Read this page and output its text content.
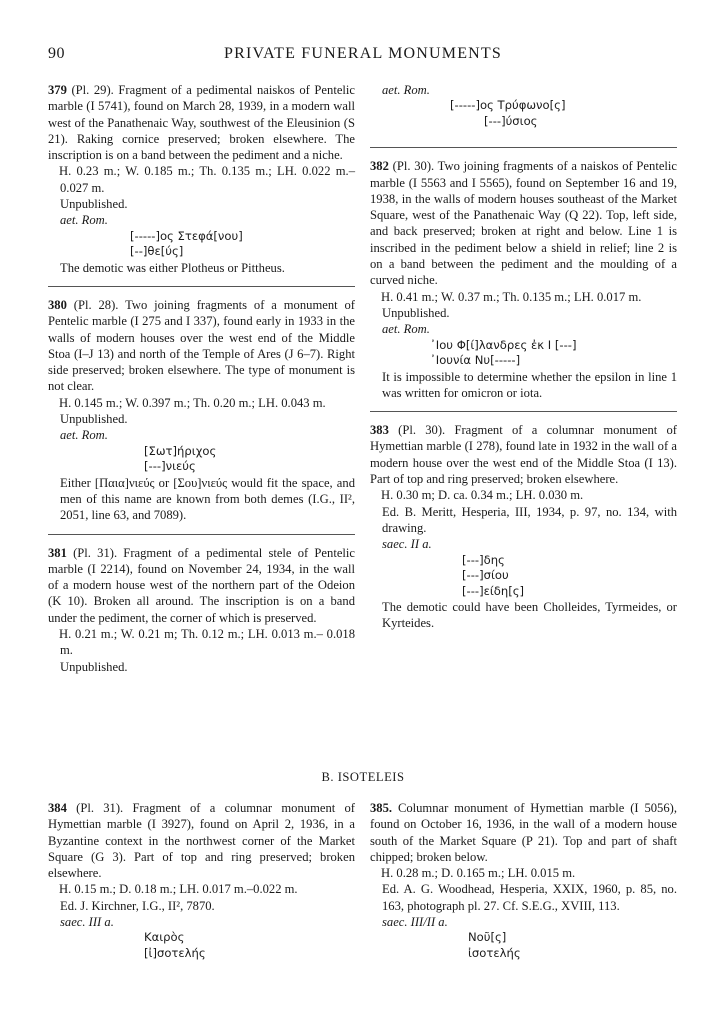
90	PRIVATE FUNERAL MONUMENTS

379 (Pl. 29). Fragment of a pedimental naiskos of Pentelic marble (I 5741), found on March 28, 1939, in a modern wall west of the Panathenaic Way, southwest of the Eleusinion (S 21). Raking cornice preserved; broken elsewhere. The inscription is on a band between the pediment and a niche.

H. 0.23 m.; W. 0.185 m.; Th. 0.135 m.; LH. 0.022 m.– 0.027 m.

Unpublished.

aet. Rom.

[-----]ος Στεφά[νου]

[--]θε[ύς]

The demotic was either Plotheus or Pittheus.

380 (Pl. 28). Two joining fragments of a monument of Pentelic marble (I 275 and I 337), found early in 1933 in the walls of modern houses over the west end of the Middle Stoa (I–J 13) and north of the Temple of Ares (J 6–7). Right side preserved; broken elsewhere. The type of monument is not clear.

H. 0.145 m.; W. 0.397 m.; Th. 0.20 m.; LH. 0.043 m.

Unpublished.

aet. Rom.

[Σωτ]ήριχος

[---]νιεύς

Either [Παια]νιεύς or [Σου]νιεύς would fit the space, and men of this name are known from both demes (I.G., II², 2051, line 63, and 7089).

381 (Pl. 31). Fragment of a pedimental stele of Pentelic marble (I 2214), found on November 24, 1934, in the wall of a modern house west of the northern part of the Odeion (K 10). Broken all around. The inscription is on a band under the pediment, the corner of which is preserved.

H. 0.21 m.; W. 0.21 m; Th. 0.12 m.; LH. 0.013 m.– 0.018 m.

Unpublished.

aet. Rom.

[-----]ος Τρύφωνο[ς]

[---]ύσιος

382 (Pl. 30). Two joining fragments of a naiskos of Pentelic marble (I 5563 and I 5565), found on September 16 and 19, 1938, in the walls of modern houses southeast of the Market Square, west of the Panathenaic Way (Q 22). Top, left side, and back preserved; broken at right and below. Line 1 is inscribed in the pediment below a shield in relief; line 2 is on a band between the pediment and the moulding of a curved niche.

H. 0.41 m.; W. 0.37 m.; Th. 0.135 m.; LH. 0.017 m.

Unpublished.

aet. Rom.

᾿Ιου Φ[ί]λανδρες ἐκ Ι [---]

᾿Ιουνία Νυ[-----]

It is impossible to determine whether the epsilon in line 1 was written for omicron or iota.

383 (Pl. 30). Fragment of a columnar monument of Hymettian marble (I 278), found late in 1932 in the wall of a modern house over the west end of the Middle Stoa (I 13). Part of top and ring preserved; broken elsewhere.

H. 0.30 m; D. ca. 0.34 m.; LH. 0.030 m.

Ed. B. Meritt, Hesperia, III, 1934, p. 97, no. 134, with drawing.

saec. II a.

[---]δης

[---]σίου

[---]είδη[ς]

The demotic could have been Cholleides, Tyrmeides, or Kyrteides.

B. ISOTELEIS

384 (Pl. 31). Fragment of a columnar monument of Hymettian marble (I 3927), found on April 2, 1936, in a Byzantine context in the northwest corner of the Market Square (G 3). Part of top and ring preserved; broken elsewhere.

H. 0.15 m.; D. 0.18 m.; LH. 0.017 m.–0.022 m.

Ed. J. Kirchner, I.G., II², 7870.

saec. III a.

Καιρὸς

[ἰ]σοτελής

385. Columnar monument of Hymettian marble (I 5056), found on October 16, 1936, in the wall of a modern house south of the Market Square (P 21). Top and part of shaft chipped; broken below.

H. 0.28 m.; D. 0.165 m.; LH. 0.015 m.

Ed. A. G. Woodhead, Hesperia, XXIX, 1960, p. 85, no. 163, photograph pl. 27. Cf. S.E.G., XVIII, 113.

saec. III/II a.

Νοῦ[ς]

ἰσοτελής
